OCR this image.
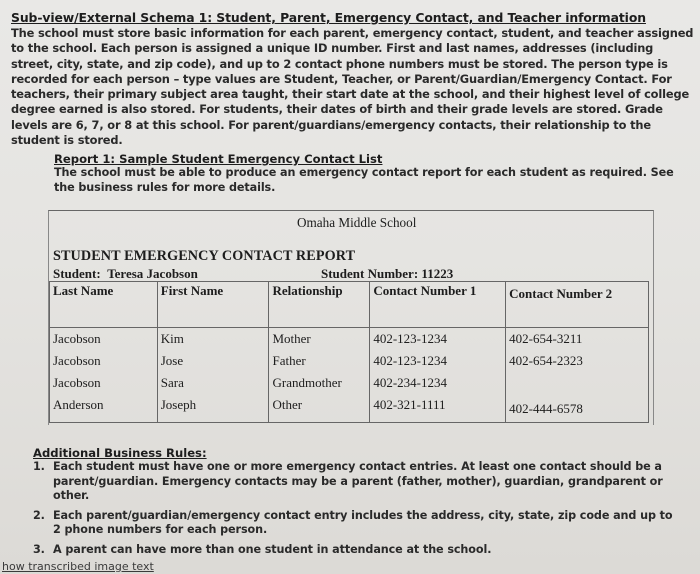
Sub-view/External Schema 1: Student, Parent, Emergency Contact, and Teacher information
The school must store basic information for each parent, emergency contact, student, and teacher assigned to the school. Each person is assigned a unique ID number. First and last names, addresses (including street, city, state, and zip code), and up to 2 contact phone numbers must be stored. The person type is recorded for each person – type values are Student, Teacher, or Parent/Guardian/Emergency Contact. For teachers, their primary subject area taught, their start date at the school, and their highest level of college degree earned is also stored. For students, their dates of birth and their grade levels are stored. Grade levels are 6, 7, or 8 at this school. For parent/guardians/emergency contacts, their relationship to the student is stored.
Report 1: Sample Student Emergency Contact List
The school must be able to produce an emergency contact report for each student as required. See the business rules for more details.
Omaha Middle School
STUDENT EMERGENCY CONTACT REPORT
Student: Teresa Jacobson	Student Number: 11223
Last Name	First Name	Relationship	Contact Number 1	Contact Number 2
Jacobson	Kim	Mother	402-123-1234	402-654-3211
Jacobson	Jose	Father	402-123-1234	402-654-2323
Jacobson	Sara	Grandmother	402-234-1234	
Anderson	Joseph	Other	402-321-1111	402-444-6578
Additional Business Rules:
1. Each student must have one or more emergency contact entries. At least one contact should be a parent/guardian. Emergency contacts may be a parent (father, mother), guardian, grandparent or other.
2. Each parent/guardian/emergency contact entry includes the address, city, state, zip code and up to 2 phone numbers for each person.
3. A parent can have more than one student in attendance at the school.
how transcribed image text
